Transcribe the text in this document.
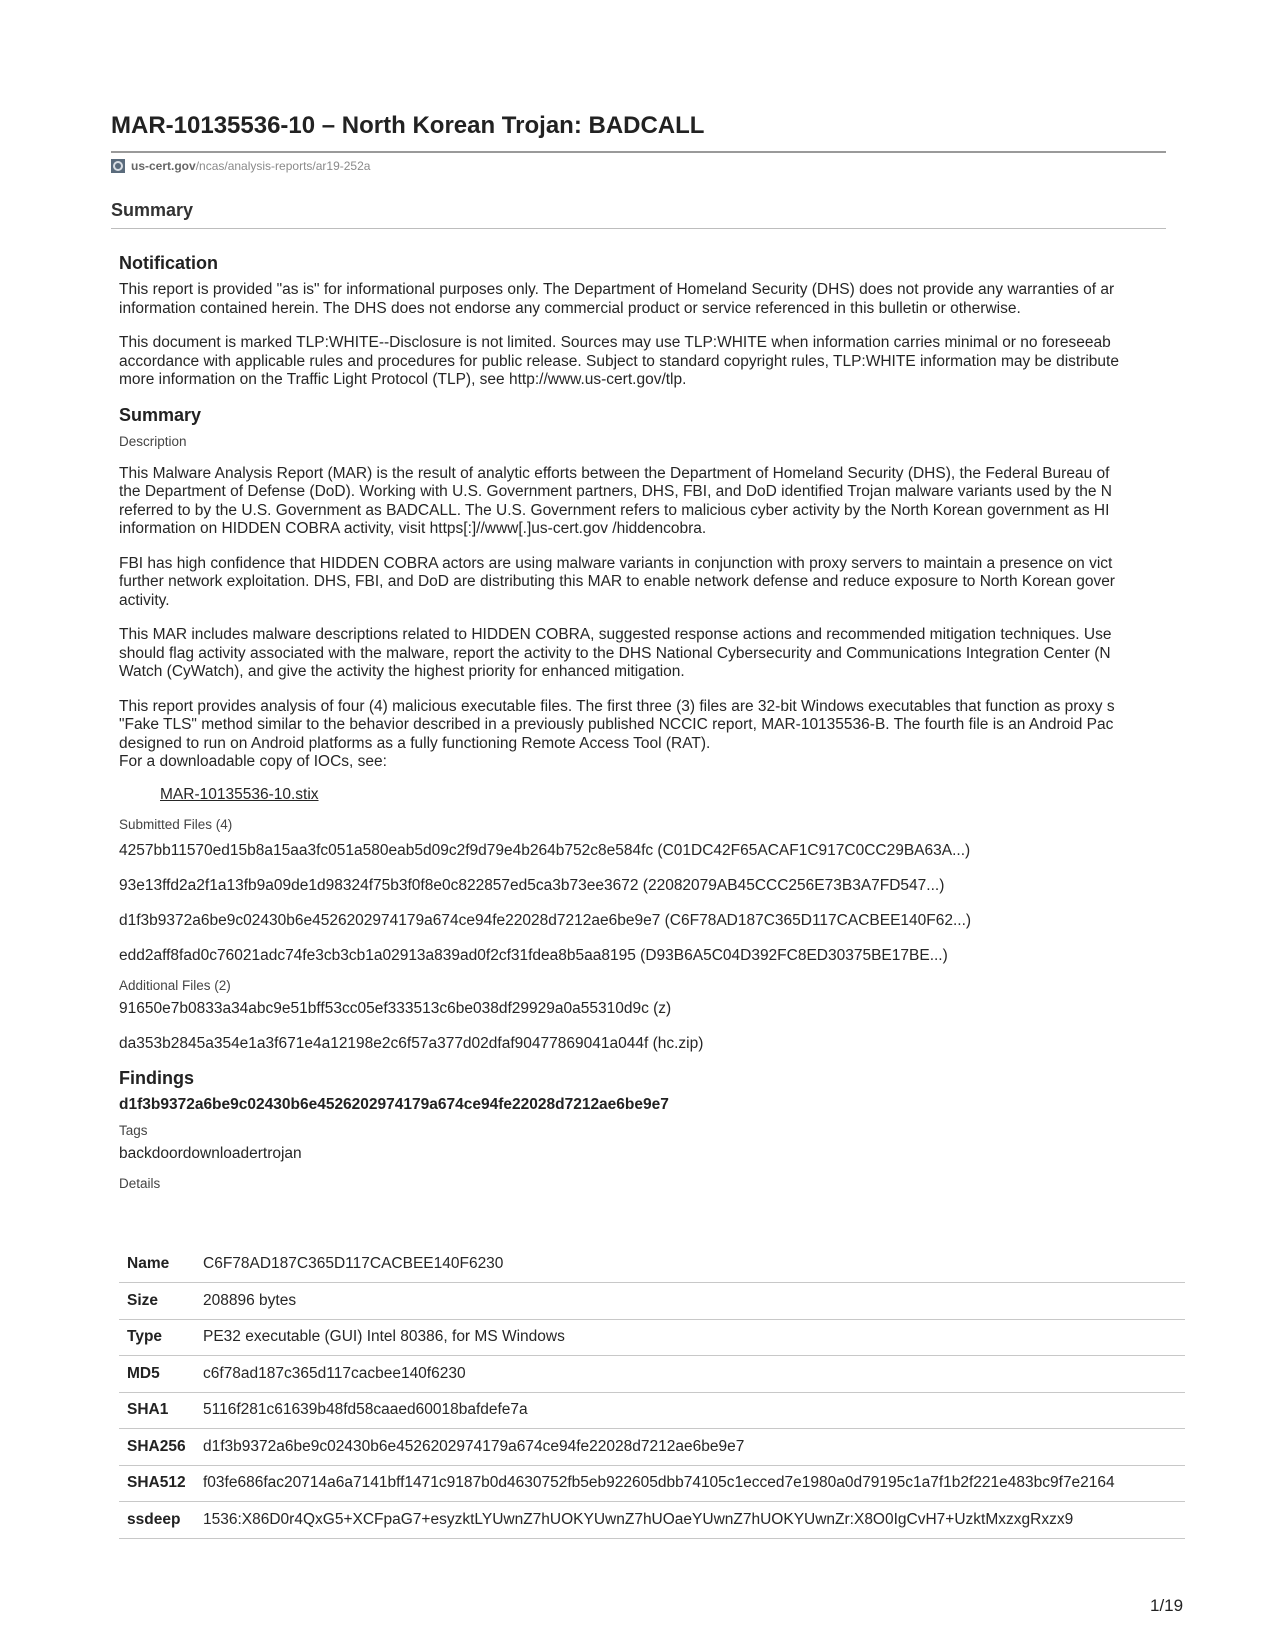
MAR-10135536-10 – North Korean Trojan: BADCALL
us-cert.gov /ncas/analysis-reports/ar19-252a
Summary
Notification
This report is provided "as is" for informational purposes only. The Department of Homeland Security (DHS) does not provide any warranties of ar
information contained herein. The DHS does not endorse any commercial product or service referenced in this bulletin or otherwise.
This document is marked TLP:WHITE--Disclosure is not limited. Sources may use TLP:WHITE when information carries minimal or no foreseeab
accordance with applicable rules and procedures for public release. Subject to standard copyright rules, TLP:WHITE information may be distribute
more information on the Traffic Light Protocol (TLP), see http://www.us-cert.gov/tlp.
Summary
Description
This Malware Analysis Report (MAR) is the result of analytic efforts between the Department of Homeland Security (DHS), the Federal Bureau of
the Department of Defense (DoD). Working with U.S. Government partners, DHS, FBI, and DoD identified Trojan malware variants used by the N
referred to by the U.S. Government as BADCALL. The U.S. Government refers to malicious cyber activity by the North Korean government as HI
information on HIDDEN COBRA activity, visit https[:]//www[.]us-cert.gov /hiddencobra.
FBI has high confidence that HIDDEN COBRA actors are using malware variants in conjunction with proxy servers to maintain a presence on vict
further network exploitation. DHS, FBI, and DoD are distributing this MAR to enable network defense and reduce exposure to North Korean gover
activity.
This MAR includes malware descriptions related to HIDDEN COBRA, suggested response actions and recommended mitigation techniques. Use
should flag activity associated with the malware, report the activity to the DHS National Cybersecurity and Communications Integration Center (N
Watch (CyWatch), and give the activity the highest priority for enhanced mitigation.
This report provides analysis of four (4) malicious executable files. The first three (3) files are 32-bit Windows executables that function as proxy s
"Fake TLS" method similar to the behavior described in a previously published NCCIC report, MAR-10135536-B. The fourth file is an Android Pac
designed to run on Android platforms as a fully functioning Remote Access Tool (RAT).
For a downloadable copy of IOCs, see:
MAR-10135536-10.stix
Submitted Files (4)
4257bb11570ed15b8a15aa3fc051a580eab5d09c2f9d79e4b264b752c8e584fc (C01DC42F65ACAF1C917C0CC29BA63A...)
93e13ffd2a2f1a13fb9a09de1d98324f75b3f0f8e0c822857ed5ca3b73ee3672 (22082079AB45CCC256E73B3A7FD547...)
d1f3b9372a6be9c02430b6e4526202974179a674ce94fe22028d7212ae6be9e7 (C6F78AD187C365D117CACBEE140F62...)
edd2aff8fad0c76021adc74fe3cb3cb1a02913a839ad0f2cf31fdea8b5aa8195 (D93B6A5C04D392FC8ED30375BE17BE...)
Additional Files (2)
91650e7b0833a34abc9e51bff53cc05ef333513c6be038df29929a0a55310d9c (z)
da353b2845a354e1a3f671e4a12198e2c6f57a377d02dfaf90477869041a044f (hc.zip)
Findings
d1f3b9372a6be9c02430b6e4526202974179a674ce94fe22028d7212ae6be9e7
Tags
backdoordownloadertrojan
Details
Name	C6F78AD187C365D117CACBEE140F6230
Size	208896 bytes
Type	PE32 executable (GUI) Intel 80386, for MS Windows
MD5	c6f78ad187c365d117cacbee140f6230
SHA1	5116f281c61639b48fd58caaed60018bafdefe7a
SHA256	d1f3b9372a6be9c02430b6e4526202974179a674ce94fe22028d7212ae6be9e7
SHA512	f03fe686fac20714a6a7141bff1471c9187b0d4630752fb5eb922605dbb74105c1ecced7e1980a0d79195c1a7f1b2f221e483bc9f7e2164
ssdeep	1536:X86D0r4QxG5+XCFpaG7+esyzktLYUwnZ7hUOKYUwnZ7hUOaeYUwnZ7hUOKYUwnZr:X8O0IgCvH7+UzktMxzxgRxzx9
1/19
